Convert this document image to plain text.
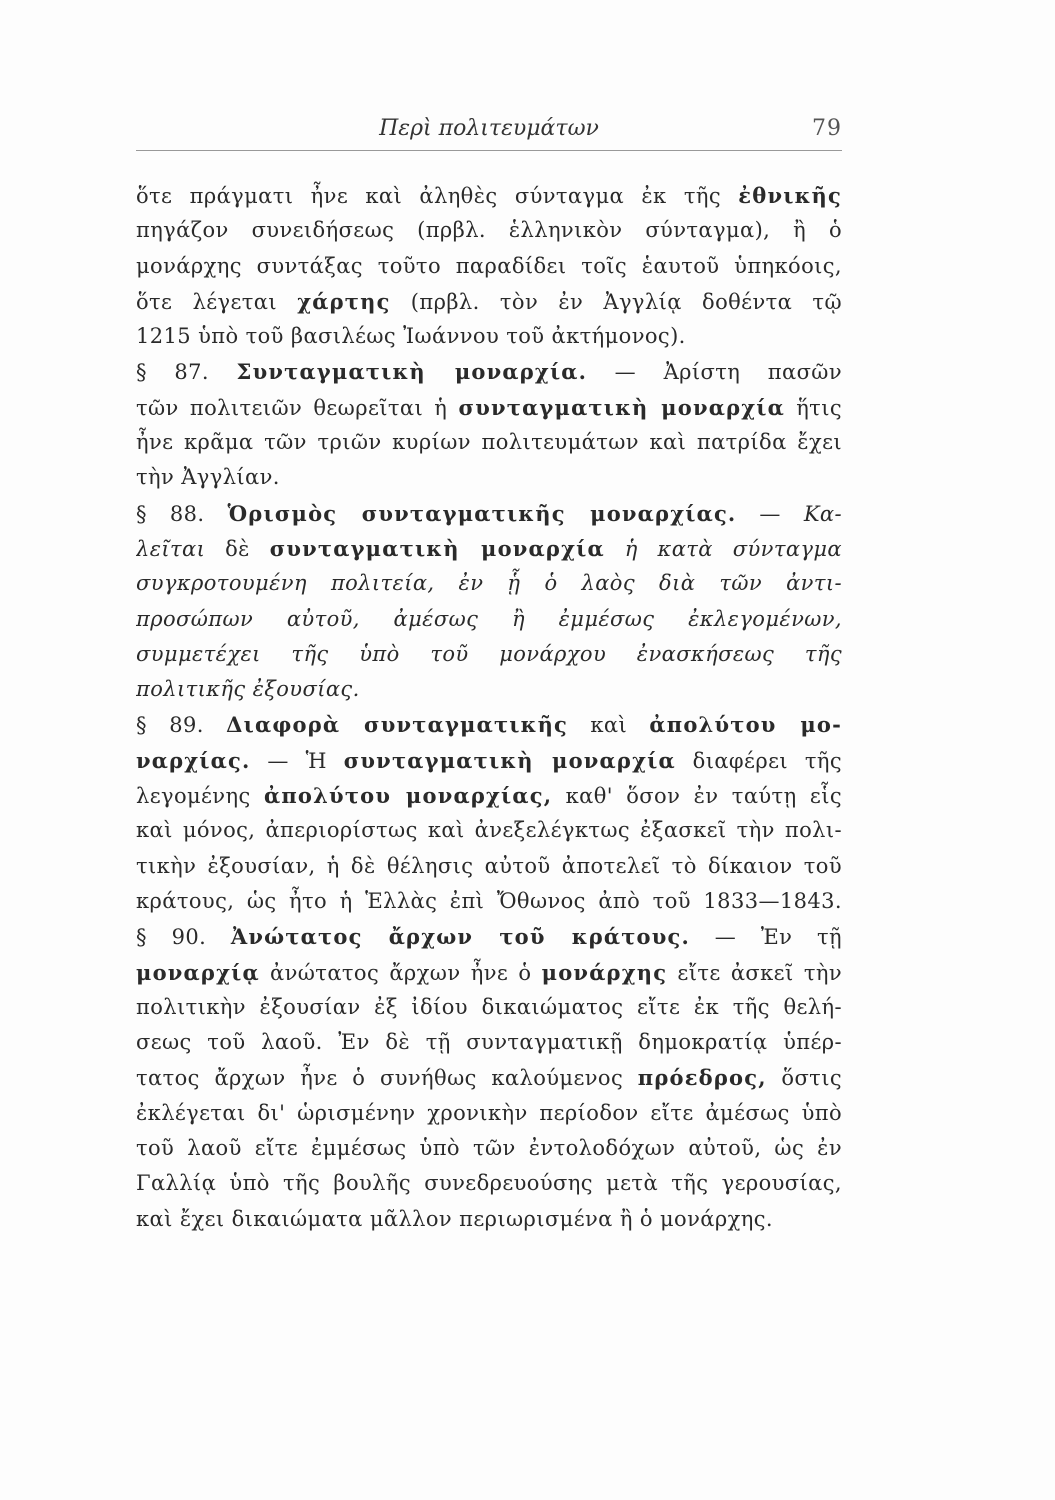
Περὶ πολιτευμάτων	79
ὅτε πράγματι ἦνε καὶ ἀληθὲς σύνταγμα ἐκ τῆς ἐθνικῆς
πηγάζον συνειδήσεως (πρβλ. ἑλληνικὸν σύνταγμα), ἢ ὁ
μονάρχης συντάξας τοῦτο παραδίδει τοῖς ἑαυτοῦ ὑπηκόοις,
ὅτε λέγεται χάρτης (πρβλ. τὸν ἐν Ἀγγλίᾳ δοθέντα τῷ
1215 ὑπὸ τοῦ βασιλέως Ἰωάννου τοῦ ἀκτήμονος).
§ 87. Συνταγματικὴ μοναρχία. — Ἀρίστη πασῶν
τῶν πολιτειῶν θεωρεῖται ἡ συνταγματικὴ μοναρχία ἥτις
ἦνε κρᾶμα τῶν τριῶν κυρίων πολιτευμάτων καὶ πατρίδα ἔχει
τὴν Ἀγγλίαν.
§ 88. Ὁρισμὸς συνταγματικῆς μοναρχίας. — Κα-
λεῖται δὲ συνταγματικὴ μοναρχία ἡ κατὰ σύνταγμα
συγκροτουμένη πολιτεία, ἐν ᾗ ὁ λαὸς διὰ τῶν ἀντι-
προσώπων αὐτοῦ, ἀμέσως ἢ ἐμμέσως ἐκλεγομένων,
συμμετέχει τῆς ὑπὸ τοῦ μονάρχου ἐνασκήσεως τῆς
πολιτικῆς ἐξουσίας.
§ 89. Διαφορὰ συνταγματικῆς καὶ ἀπολύτου μο-
ναρχίας. — Ἡ συνταγματικὴ μοναρχία διαφέρει τῆς
λεγομένης ἀπολύτου μοναρχίας, καθ' ὅσον ἐν ταύτῃ εἷς
καὶ μόνος, ἀπεριορίστως καὶ ἀνεξελέγκτως ἐξασκεῖ τὴν πολι-
τικὴν ἐξουσίαν, ἡ δὲ θέλησις αὐτοῦ ἀποτελεῖ τὸ δίκαιον τοῦ
κράτους, ὡς ἦτο ἡ Ἑλλὰς ἐπὶ Ὄθωνος ἀπὸ τοῦ 1833—1843.
§ 90. Ἀνώτατος ἄρχων τοῦ κράτους. — Ἐν τῇ
μοναρχίᾳ ἀνώτατος ἄρχων ἦνε ὁ μονάρχης εἴτε ἀσκεῖ τὴν
πολιτικὴν ἐξουσίαν ἐξ ἰδίου δικαιώματος εἴτε ἐκ τῆς θελή-
σεως τοῦ λαοῦ. Ἐν δὲ τῇ συνταγματικῇ δημοκρατίᾳ ὑπέρ-
τατος ἄρχων ἦνε ὁ συνήθως καλούμενος πρόεδρος, ὅστις
ἐκλέγεται δι' ὡρισμένην χρονικὴν περίοδον εἴτε ἀμέσως ὑπὸ
τοῦ λαοῦ εἴτε ἐμμέσως ὑπὸ τῶν ἐντολοδόχων αὐτοῦ, ὡς ἐν
Γαλλίᾳ ὑπὸ τῆς βουλῆς συνεδρευούσης μετὰ τῆς γερουσίας,
καὶ ἔχει δικαιώματα μᾶλλον περιωρισμένα ἢ ὁ μονάρχης.
